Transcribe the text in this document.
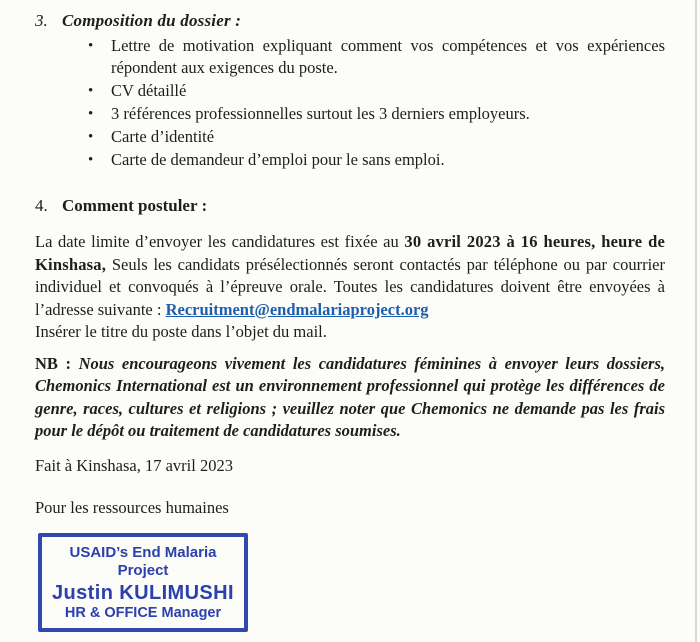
3. Composition du dossier :
• Lettre de motivation expliquant comment vos compétences et vos expériences répondent aux exigences du poste.
• CV détaillé
• 3 références professionnelles surtout les 3 derniers employeurs.
• Carte d’identité
• Carte de demandeur d’emploi pour le sans emploi.
4. Comment postuler :

La date limite d’envoyer les candidatures est fixée au 30 avril 2023 à 16 heures, heure de Kinshasa, Seuls les candidats présélectionnés seront contactés par téléphone ou par courrier individuel et convoqués à l’épreuve orale. Toutes les candidatures doivent être envoyées à l’adresse suivante : Recruitment@endmalariaproject.org

Insérer le titre du poste dans l’objet du mail.

NB : Nous encourageons vivement les candidatures féminines à envoyer leurs dossiers, Chemonics International est un environnement professionnel qui protège les différences de genre, races, cultures et religions ; veuillez noter que Chemonics ne demande pas les frais pour le dépôt ou traitement de candidatures soumises.

Fait à Kinshasa, 17 avril 2023
Pour les ressources humaines
USAID’s End Malaria Project
Justin KULIMUSHI
HR & OFFICE Manager
